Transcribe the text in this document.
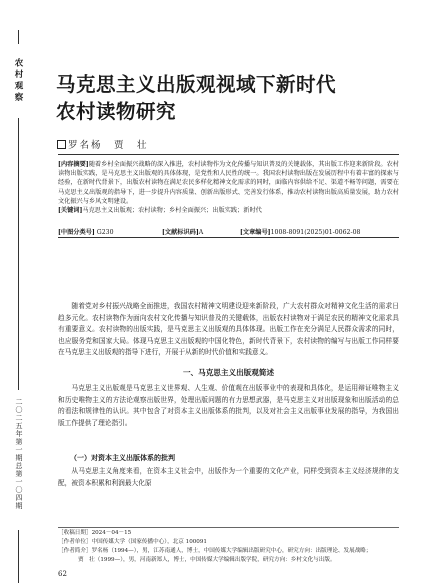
农村观察
二〇二五年第一期总第一〇四期
马克思主义出版观视域下新时代
农村读物研究
罗名杨　贾　壮
[内容摘要]随着乡村全面振兴战略的深入推进，农村读物作为文化传播与知识普及的关键载体，其出版工作迎来新阶段。农村读物出版实践，是马克思主义出版观的具体体现，是党性和人民性的统一。我国农村读物出版在发展历程中有着丰富的探索与经验，在新时代背景下，出版农村读物在满足农民多样化精神文化需求的同时，面临内容供给不足、渠道不畅等问题，需要在马克思主义出版观的指导下，进一步提升内容质量、创新出版形式、完善发行体系，推动农村读物出版高质量发展，助力农村文化振兴与乡风文明建设。
[关键词]马克思主义出版观；农村读物；乡村全面振兴；出版实践；新时代
[中图分类号] G230	[文献标识码]A	[文章编号]1008-8091(2025)01-0062-08
随着党对乡村振兴战略全面推进，我国农村精神文明建设迎来新阶段，广大农村群众对精神文化生活的需求日趋多元化。农村读物作为面向农村文化传播与知识普及的关键载体，出版农村读物对于满足农民的精神文化需求具有重要意义。农村读物的出版实践，是马克思主义出版观的具体体现。出版工作在充分满足人民群众需求的同时，也应服务党和国家大局。体现马克思主义出版观的中国化特色，新时代背景下，农村读物的编写与出版工作同样要在马克思主义出版观的指导下进行，开展于从新的时代价值和实践意义。
一、马克思主义出版观简述
马克思主义出版观是马克思主义世界观、人生观、价值观在出版事业中的表现和具体化，是运用辩证唯物主义和历史唯物主义的方法论观察出版世界，处理出版问题的有力思想武器，是马克思主义对出版现象和出版活动的总的看法和规律性的认识。其中包含了对资本主义出版体系的批判，以及对社会主义出版事业发展的指导，为我国出版工作提供了理论指引。
（一）对资本主义出版体系的批判
从马克思主义角度来看，在资本主义社会中，出版作为一个重要的文化产业，同样受到资本主义经济规律的支配，被资本积累和利润最大化原
［收稿日期］2024－04－15
［作者单位］中国传媒大学（国家传播中心），北京 100091
［作者简介］罗名杨（1994—），男，江苏南通人，博士，中国传媒大学编辑出版研究中心，研究方向：出版理论、发展战略；
贾　壮（1999—），男，河南新郑人，博士，中国传媒大学编辑出版学院，研究方向：乡村文化与出版。
62
